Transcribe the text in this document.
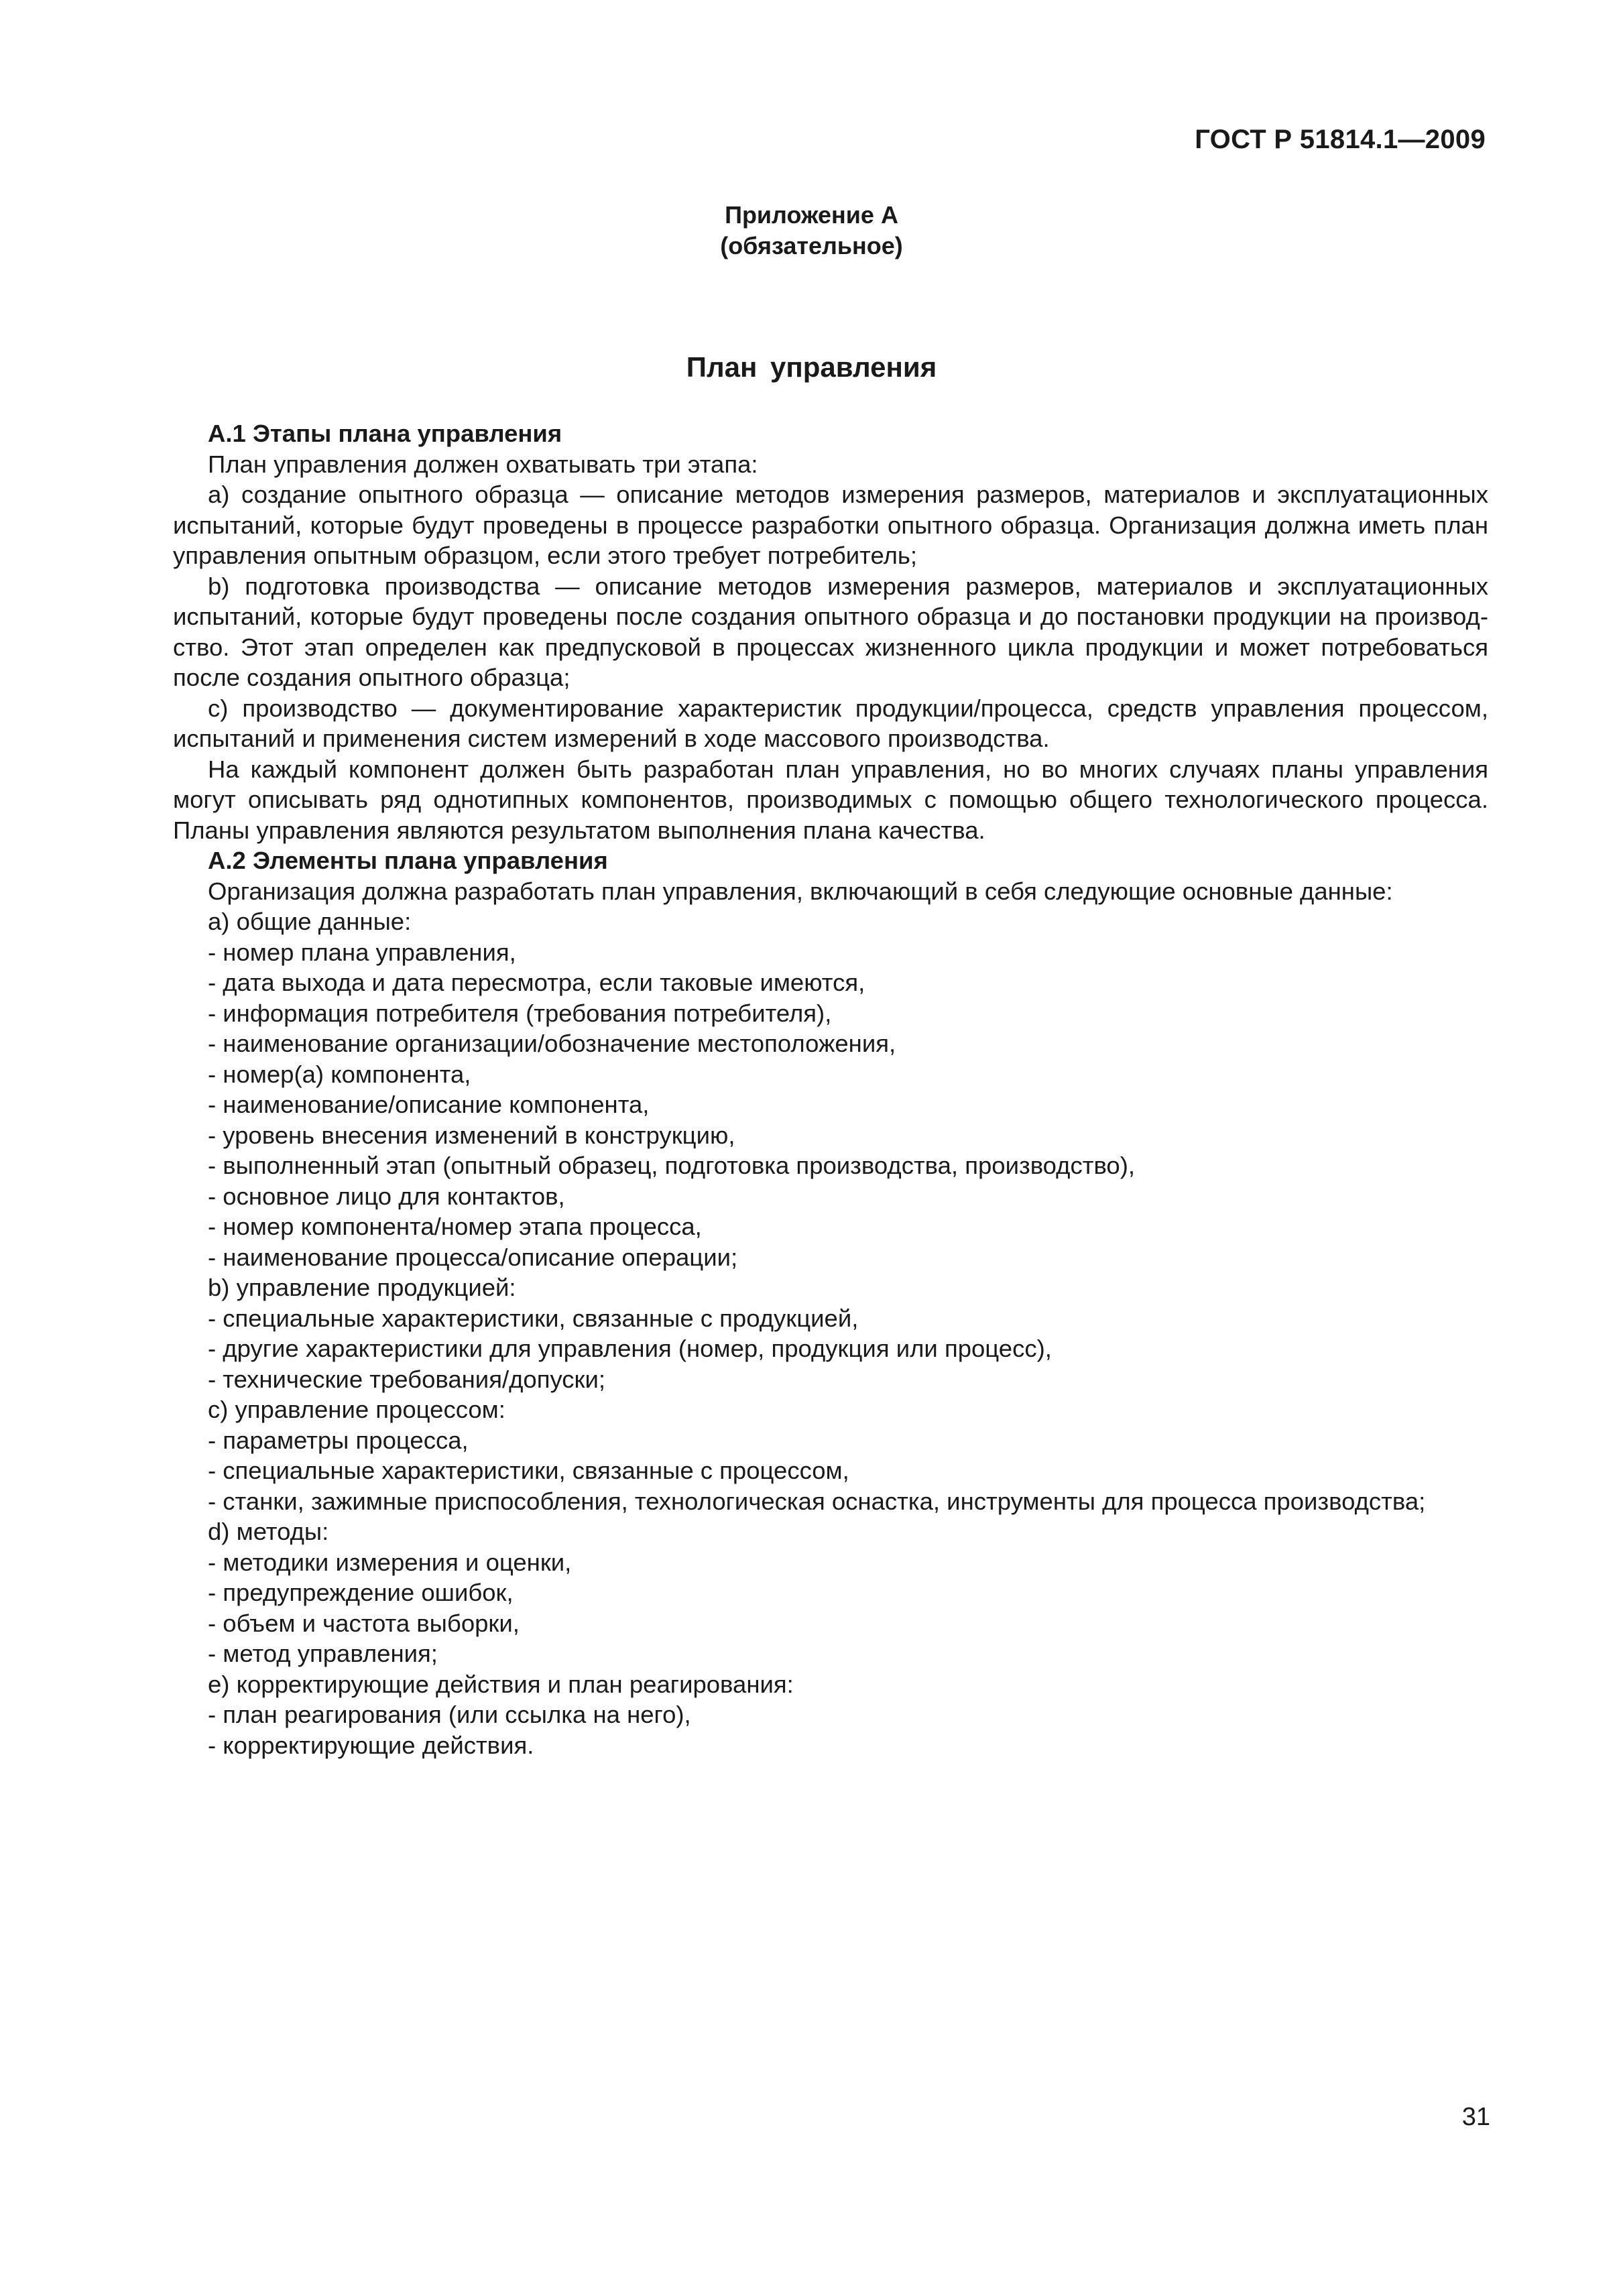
ГОСТ Р 51814.1—2009
Приложение А
(обязательное)
План управления

А.1 Этапы плана управления

План управления должен охватывать три этапа:

а) создание опытного образца — описание методов измерения размеров, материалов и эксплуатационных испытаний, которые будут проведены в процессе разработки опытного образца. Организация должна иметь план управления опытным образцом, если этого требует потребитель;

b) подготовка производства — описание методов измерения размеров, материалов и эксплуатационных испытаний, которые будут проведены после создания опытного образца и до постановки продукции на производ-ство. Этот этап определен как предпусковой в процессах жизненного цикла продукции и может потребоваться после создания опытного образца;

с) производство — документирование характеристик продукции/процесса, средств управления процессом, испытаний и применения систем измерений в ходе массового производства.

На каждый компонент должен быть разработан план управления, но во многих случаях планы управления могут описывать ряд однотипных компонентов, производимых с помощью общего технологического процесса. Планы управления являются результатом выполнения плана качества.

А.2 Элементы плана управления

Организация должна разработать план управления, включающий в себя следующие основные данные:

а) общие данные:

- номер плана управления,

- дата выхода и дата пересмотра, если таковые имеются,

- информация потребителя (требования потребителя),

- наименование организации/обозначение местоположения,

- номер(а) компонента,

- наименование/описание компонента,

- уровень внесения изменений в конструкцию,

- выполненный этап (опытный образец, подготовка производства, производство),

- основное лицо для контактов,

- номер компонента/номер этапа процесса,

- наименование процесса/описание операции;

b) управление продукцией:

- специальные характеристики, связанные с продукцией,

- другие характеристики для управления (номер, продукция или процесс),

- технические требования/допуски;

с) управление процессом:

- параметры процесса,

- специальные характеристики, связанные с процессом,

- станки, зажимные приспособления, технологическая оснастка, инструменты для процесса производства;

d) методы:

- методики измерения и оценки,

- предупреждение ошибок,

- объем и частота выборки,

- метод управления;

е) корректирующие действия и план реагирования:

- план реагирования (или ссылка на него),

- корректирующие действия.

31
